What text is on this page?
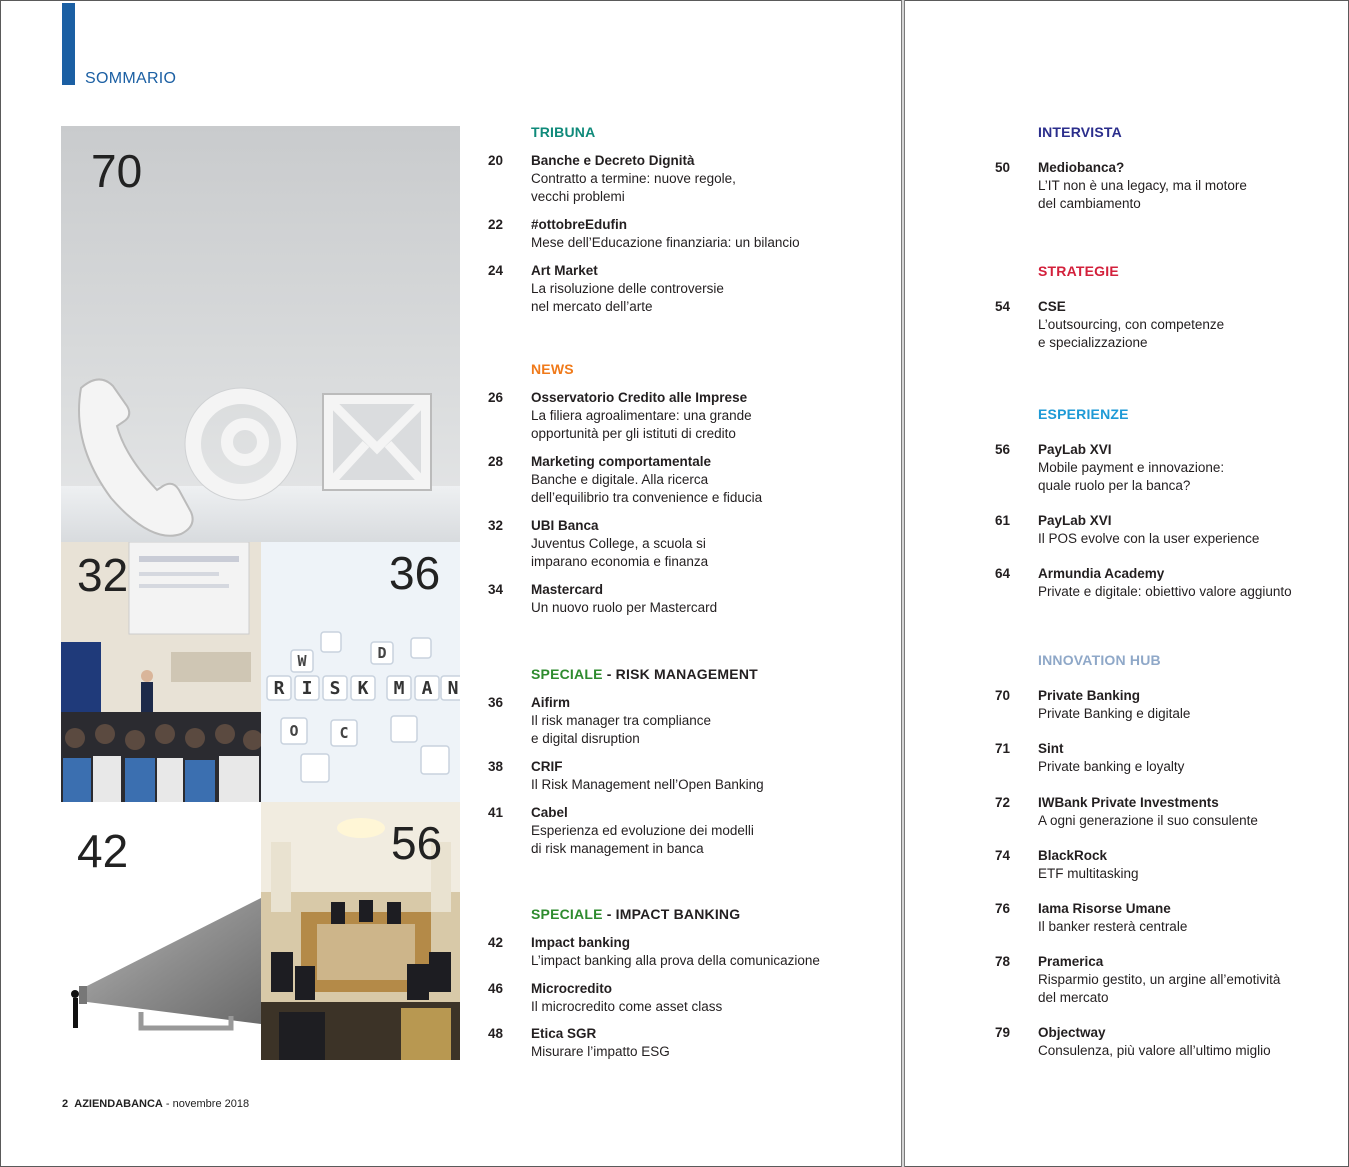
SOMMARIO
70
32
R I S K M A N
W	D
C
O
36
42	56
TRIBUNA
20 Banche e Decreto Dignità
Contratto a termine: nuove regole,
vecchi problemi
22 #ottobreEdufin
Mese dell’Educazione finanziaria: un bilancio
24 Art Market
La risoluzione delle controversie
nel mercato dell’arte
NEWS
26 Osservatorio Credito alle Imprese
La filiera agroalimentare: una grande
opportunità per gli istituti di credito
28 Marketing comportamentale
Banche e digitale. Alla ricerca
dell’equilibrio tra convenience e fiducia
32 UBI Banca
Juventus College, a scuola si
imparano economia e finanza
34 Mastercard
Un nuovo ruolo per Mastercard
SPECIALE - RISK MANAGEMENT
36 Aifirm
Il risk manager tra compliance
e digital disruption
38 CRIF
Il Risk Management nell’Open Banking
41 Cabel
Esperienza ed evoluzione dei modelli
di risk management in banca
SPECIALE - IMPACT BANKING
42 Impact banking
L’impact banking alla prova della comunicazione
46 Microcredito
Il microcredito come asset class
48 Etica SGR
Misurare l’impatto ESG
INTERVISTA
50 Mediobanca?
L’IT non è una legacy, ma il motore
del cambiamento
STRATEGIE
54 CSE
L’outsourcing, con competenze
e specializzazione
ESPERIENZE
56 PayLab XVI
Mobile payment e innovazione:
quale ruolo per la banca?
61 PayLab XVI
Il POS evolve con la user experience
64 Armundia Academy
Private e digitale: obiettivo valore aggiunto
INNOVATION HUB
70 Private Banking
Private Banking e digitale
71 Sint
Private banking e loyalty
72 IWBank Private Investments
A ogni generazione il suo consulente
74 BlackRock
ETF multitasking
76 Iama Risorse Umane
Il banker resterà centrale
78 Pramerica
Risparmio gestito, un argine all’emotività
del mercato
79 Objectway
Consulenza, più valore all’ultimo miglio
2 AZIENDABANCA - novembre 2018
